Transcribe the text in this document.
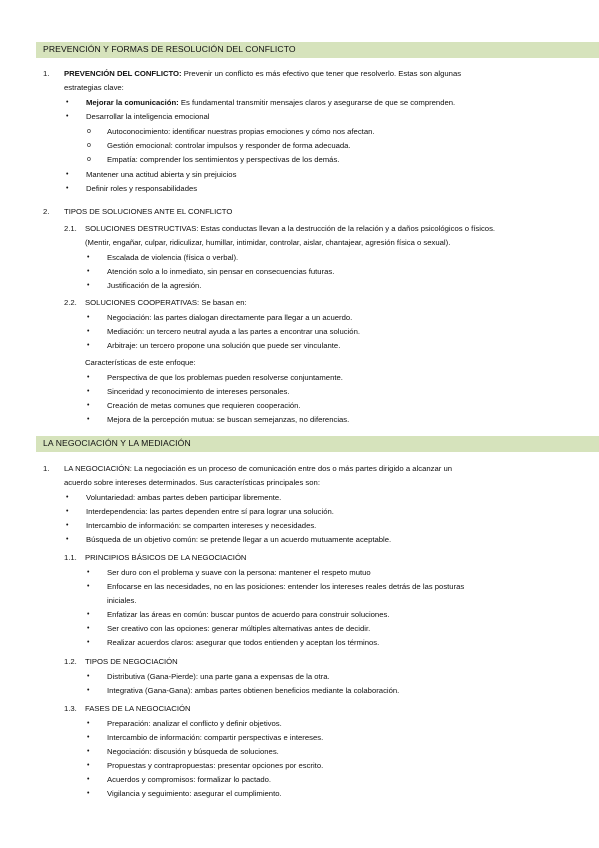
PREVENCIÓN Y FORMAS DE RESOLUCIÓN DEL CONFLICTO
1. PREVENCIÓN DEL CONFLICTO: Prevenir un conflicto es más efectivo que tener que resolverlo. Estas son algunas
estrategias clave:
• Mejorar la comunicación: Es fundamental transmitir mensajes claros y asegurarse de que se comprenden.
• Desarrollar la inteligencia emocional
o Autoconocimiento: identificar nuestras propias emociones y cómo nos afectan.
o Gestión emocional: controlar impulsos y responder de forma adecuada.
o Empatía: comprender los sentimientos y perspectivas de los demás.
• Mantener una actitud abierta y sin prejuicios
• Definir roles y responsabilidades
2. TIPOS DE SOLUCIONES ANTE EL CONFLICTO
2.1. SOLUCIONES DESTRUCTIVAS: Estas conductas llevan a la destrucción de la relación y a daños psicológicos o físicos.
(Mentir, engañar, culpar, ridiculizar, humillar, intimidar, controlar, aislar, chantajear, agresión física o sexual).
• Escalada de violencia (física o verbal).
• Atención solo a lo inmediato, sin pensar en consecuencias futuras.
• Justificación de la agresión.
2.2. SOLUCIONES COOPERATIVAS: Se basan en:
• Negociación: las partes dialogan directamente para llegar a un acuerdo.
• Mediación: un tercero neutral ayuda a las partes a encontrar una solución.
• Arbitraje: un tercero propone una solución que puede ser vinculante.
Características de este enfoque:
• Perspectiva de que los problemas pueden resolverse conjuntamente.
• Sinceridad y reconocimiento de intereses personales.
• Creación de metas comunes que requieren cooperación.
• Mejora de la percepción mutua: se buscan semejanzas, no diferencias.
LA NEGOCIACIÓN Y LA MEDIACIÓN
1. LA NEGOCIACIÓN: La negociación es un proceso de comunicación entre dos o más partes dirigido a alcanzar un
acuerdo sobre intereses determinados. Sus características principales son:
• Voluntariedad: ambas partes deben participar libremente.
• Interdependencia: las partes dependen entre sí para lograr una solución.
• Intercambio de información: se comparten intereses y necesidades.
• Búsqueda de un objetivo común: se pretende llegar a un acuerdo mutuamente aceptable.
1.1. PRINCIPIOS BÁSICOS DE LA NEGOCIACIÓN
• Ser duro con el problema y suave con la persona: mantener el respeto mutuo
• Enfocarse en las necesidades, no en las posiciones: entender los intereses reales detrás de las posturas
iniciales.
• Enfatizar las áreas en común: buscar puntos de acuerdo para construir soluciones.
• Ser creativo con las opciones: generar múltiples alternativas antes de decidir.
• Realizar acuerdos claros: asegurar que todos entienden y aceptan los términos.
1.2. TIPOS DE NEGOCIACIÓN
• Distributiva (Gana-Pierde): una parte gana a expensas de la otra.
• Integrativa (Gana-Gana): ambas partes obtienen beneficios mediante la colaboración.
1.3. FASES DE LA NEGOCIACIÓN
• Preparación: analizar el conflicto y definir objetivos.
• Intercambio de información: compartir perspectivas e intereses.
• Negociación: discusión y búsqueda de soluciones.
• Propuestas y contrapropuestas: presentar opciones por escrito.
• Acuerdos y compromisos: formalizar lo pactado.
• Vigilancia y seguimiento: asegurar el cumplimiento.
